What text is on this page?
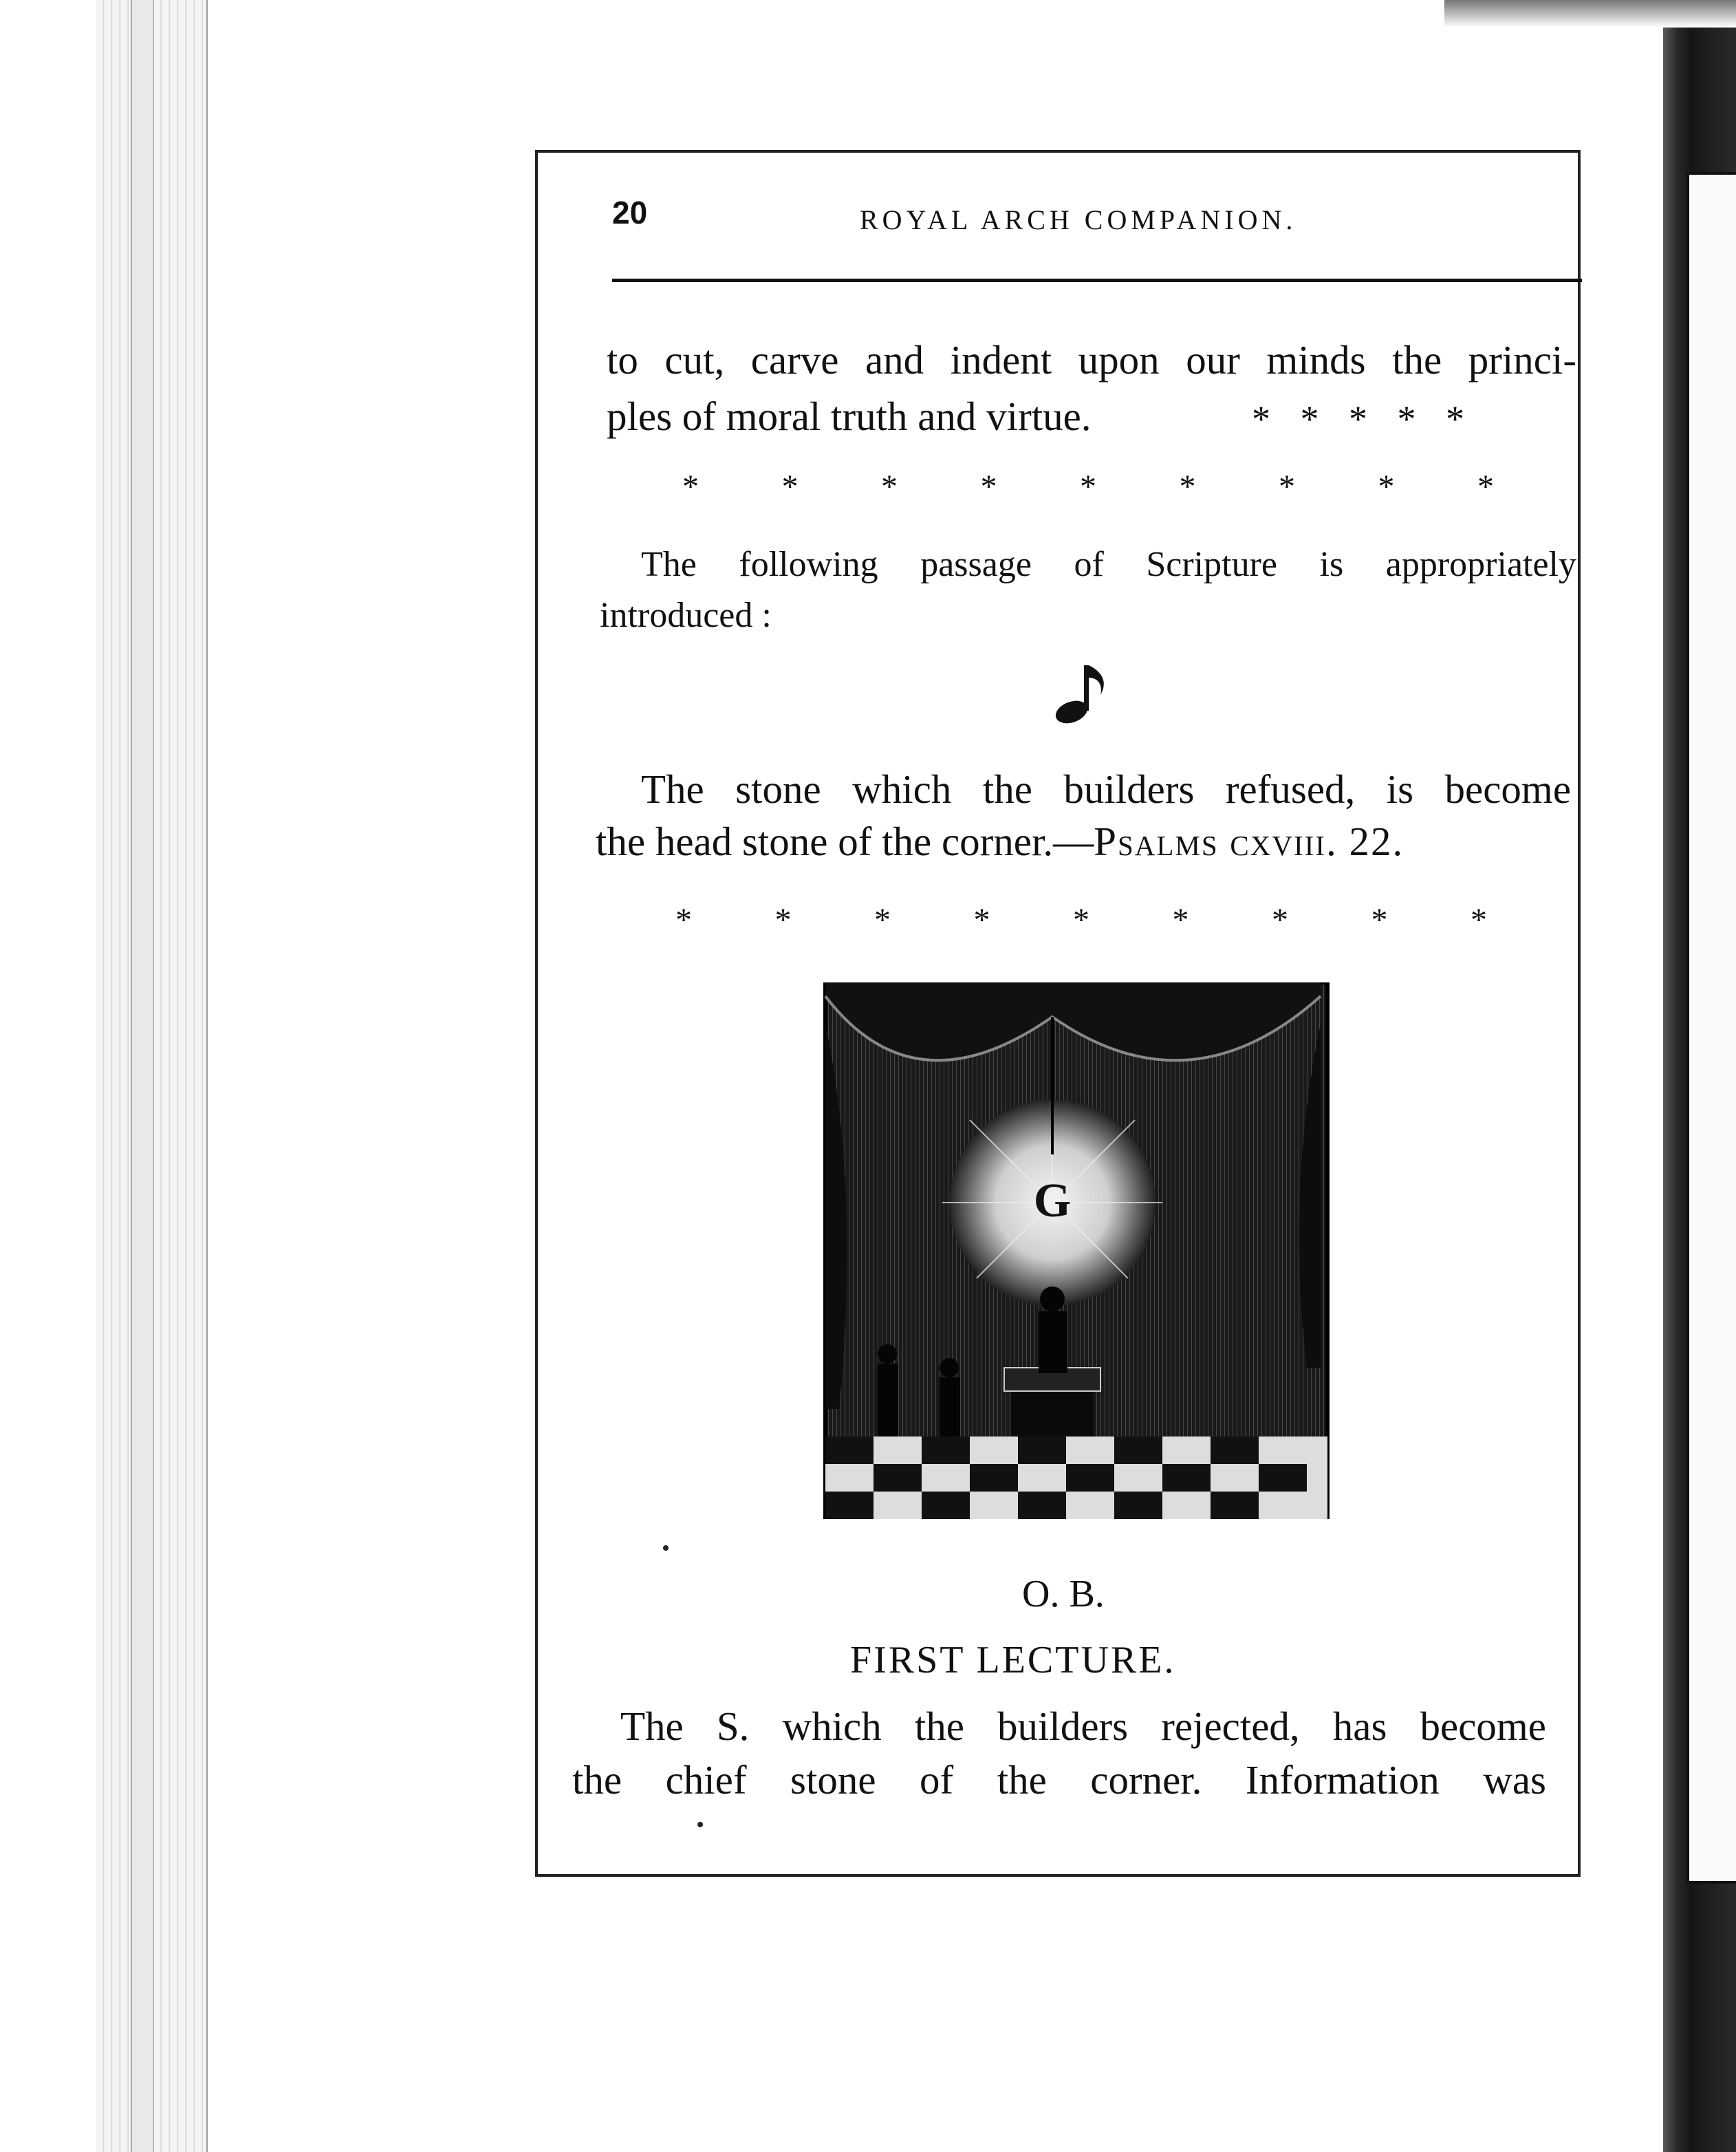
20	ROYAL ARCH COMPANION.
to cut, carve and indent upon our minds the princi-
ples of moral truth and virtue.	* * * * *
*	*	*	*	*	*	*	*	*
The following passage of Scripture is appropriately
introduced :
The stone which the builders refused, is become
the head stone of the corner.—Psalms cxviii. 22.
*	*	*	*	*	*	*	*	*
G
O. B.
FIRST LECTURE.
The S. which the builders rejected, has become
the chief stone of the corner. Information was
